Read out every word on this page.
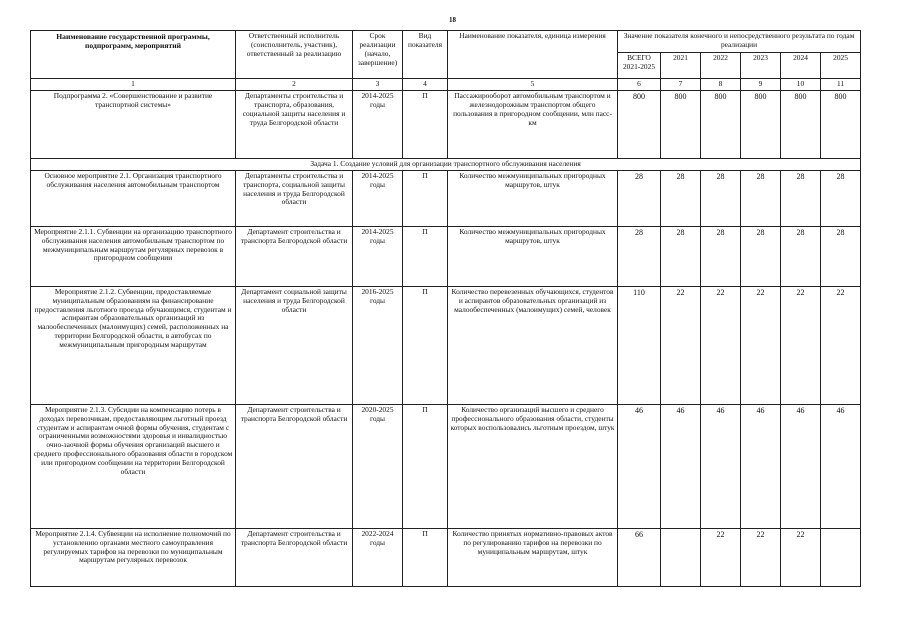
18
Наименование государственной программы, подпрограмм, мероприятий	Ответственный исполнитель (соисполнитель, участник), ответственный за реализацию	Срок реализации (начало, завершение)	Вид показателя	Наименование показателя, единица измерения	Значение показателя конечного и непосредственного результата по годам реализации					
					ВСЕГО 2021-2025	2021	2022	2023	2024	2025
1	2	3	4	5	6	7	8	9	10	11
Подпрограмма 2. «Совершенствование и развитие транспортной системы»	Департаменты строительства и транспорта, образования, социальной защиты населения и труда Белгородской области	2014-2025 годы	П	Пассажирооборот автомобильным транспортом и железнодорожным транспортом общего пользования в пригородном сообщении, млн пасс-км	800	800	800	800	800	800
Задача 1. Создание условий для организации транспортного обслуживания населения										
Основное мероприятие 2.1. Организация транспортного обслуживания населения автомобильным транспортом	Департаменты строительства и транспорта, социальной защиты населения и труда Белгородской области	2014-2025 годы	П	Количество межмуниципальных пригородных маршрутов, штук	28	28	28	28	28	28
Мероприятие 2.1.1. Субвенции на организацию транспортного обслуживания населения автомобильным транспортом по межмуниципальным маршрутам регулярных перевозок в пригородном сообщении	Департамент строительства и транспорта Белгородской области	2014-2025 годы	П	Количество межмуниципальных пригородных маршрутов, штук	28	28	28	28	28	28
Мероприятие 2.1.2. Субвенции, предоставляемые муниципальным образованиям на финансирование предоставления льготного проезда обучающимся, студентам и аспирантам образовательных организаций из малообеспеченных (малоимущих) семей, расположенных на территории Белгородской области, в автобусах по межмуниципальным пригородным маршрутам	Департамент социальной защиты населения и труда Белгородской области	2016-2025 годы	П	Количество перевезенных обучающихся, студентов и аспирантов образовательных организаций из малообеспеченных (малоимущих) семей, человек	110	22	22	22	22	22
Мероприятие 2.1.3. Субсидии на компенсацию потерь в доходах перевозчикам, предоставляющим льготный проезд студентам и аспирантам очной формы обучения, студентам с ограниченными возможностями здоровья и инвалидностью очно-заочной формы обучения организаций высшего и среднего профессионального образования области в городском или пригородном сообщении на территории Белгородской области	Департамент строительства и транспорта Белгородской области	2020-2025 годы	П	Количество организаций высшего и среднего профессионального образования области, студенты которых воспользовались льготным проездом, штук	46	46	46	46	46	46
Мероприятие 2.1.4. Субвенции на исполнение полномочий по установлению органами местного самоуправления регулируемых тарифов на перевозки по муниципальным маршрутам регулярных перевозок	Департамент строительства и транспорта Белгородской области	2022-2024 годы	П	Количество принятых нормативно-правовых актов по регулированию тарифов на перевозки по муниципальным маршрутам, штук	66		22	22	22	
